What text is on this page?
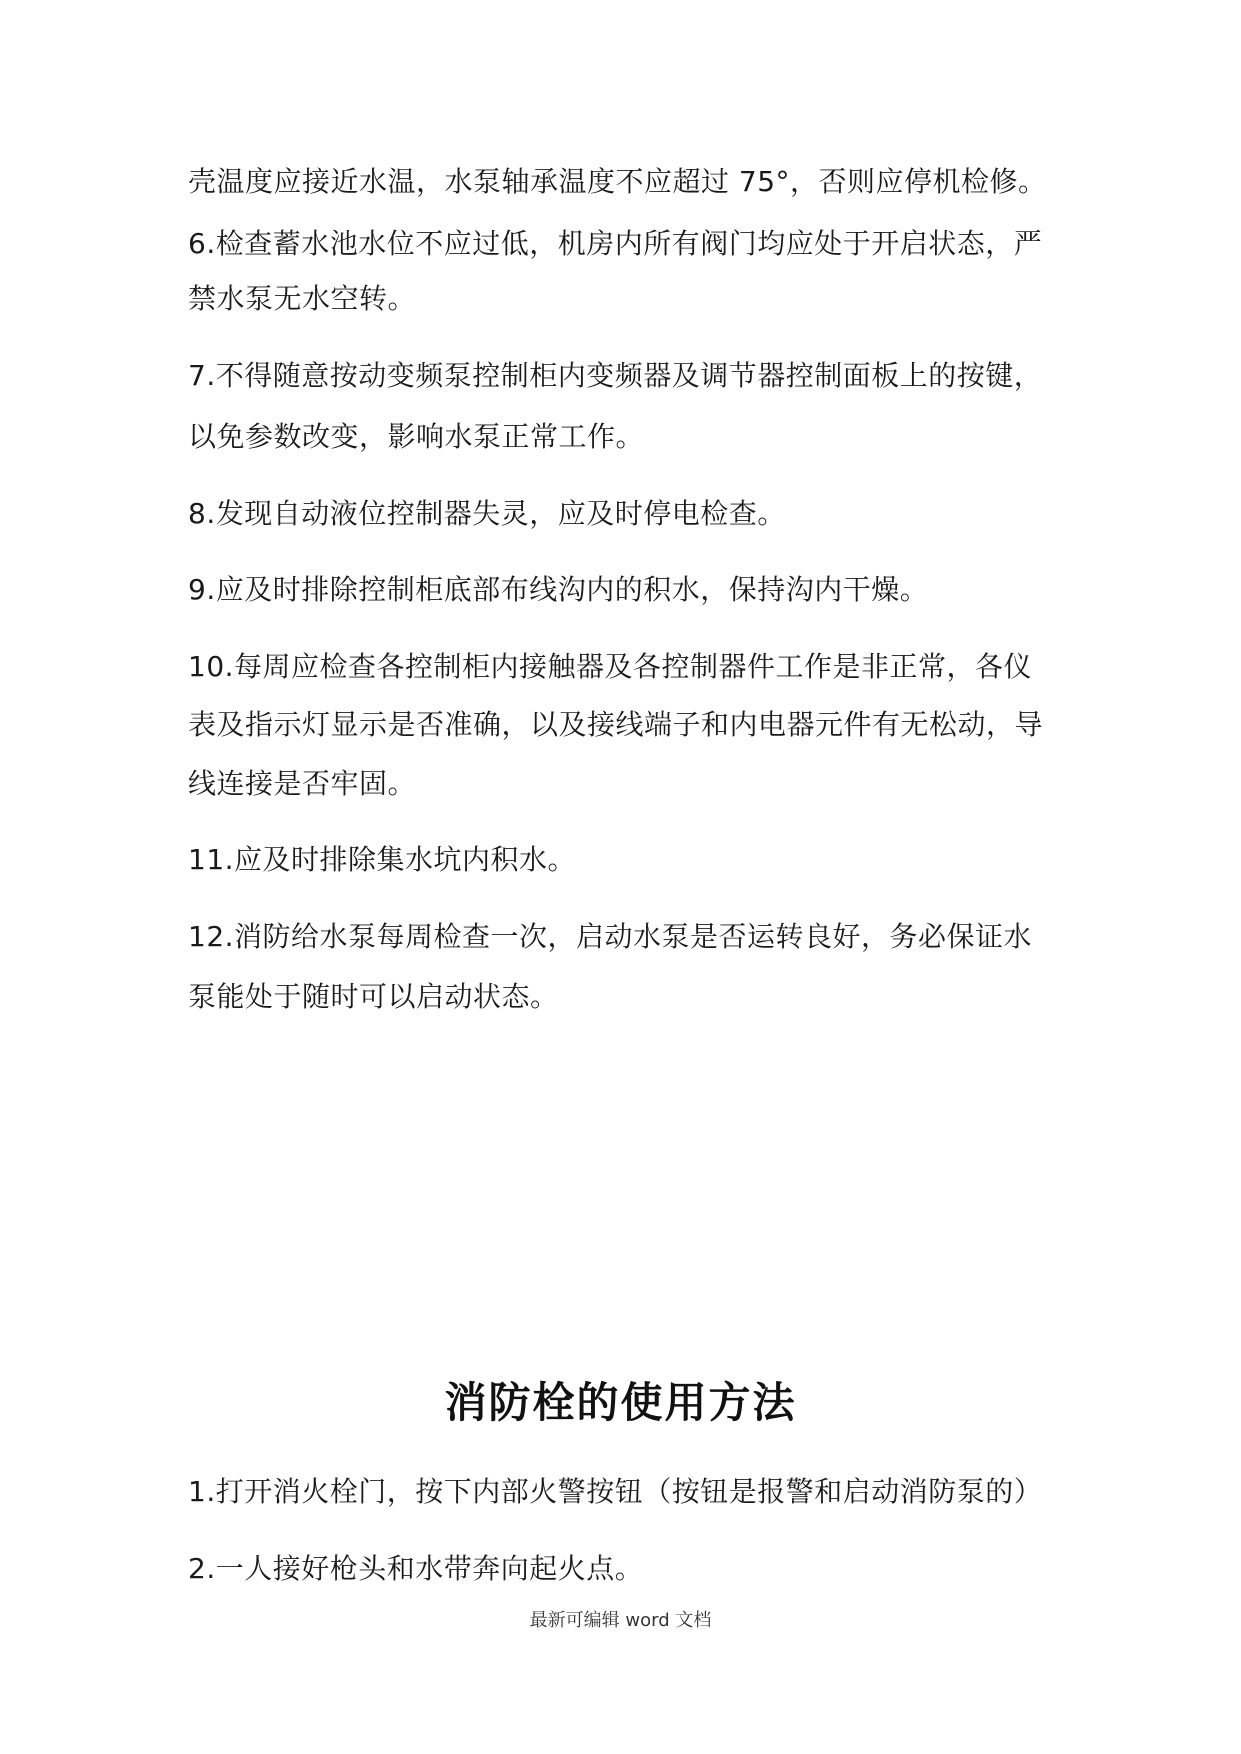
壳温度应接近水温，水泵轴承温度不应超过 75°，否则应停机检修。
6.检查蓄水池水位不应过低，机房内所有阀门均应处于开启状态，严
禁水泵无水空转。
7.不得随意按动变频泵控制柜内变频器及调节器控制面板上的按键，
以免参数改变，影响水泵正常工作。
8.发现自动液位控制器失灵，应及时停电检查。
9.应及时排除控制柜底部布线沟内的积水，保持沟内干燥。
10.每周应检查各控制柜内接触器及各控制器件工作是非正常，各仪
表及指示灯显示是否准确，以及接线端子和内电器元件有无松动，导
线连接是否牢固。
11.应及时排除集水坑内积水。
12.消防给水泵每周检查一次，启动水泵是否运转良好，务必保证水
泵能处于随时可以启动状态。
消防栓的使用方法
1.打开消火栓门，按下内部火警按钮（按钮是报警和启动消防泵的）
2.一人接好枪头和水带奔向起火点。
最新可编辑 word 文档
